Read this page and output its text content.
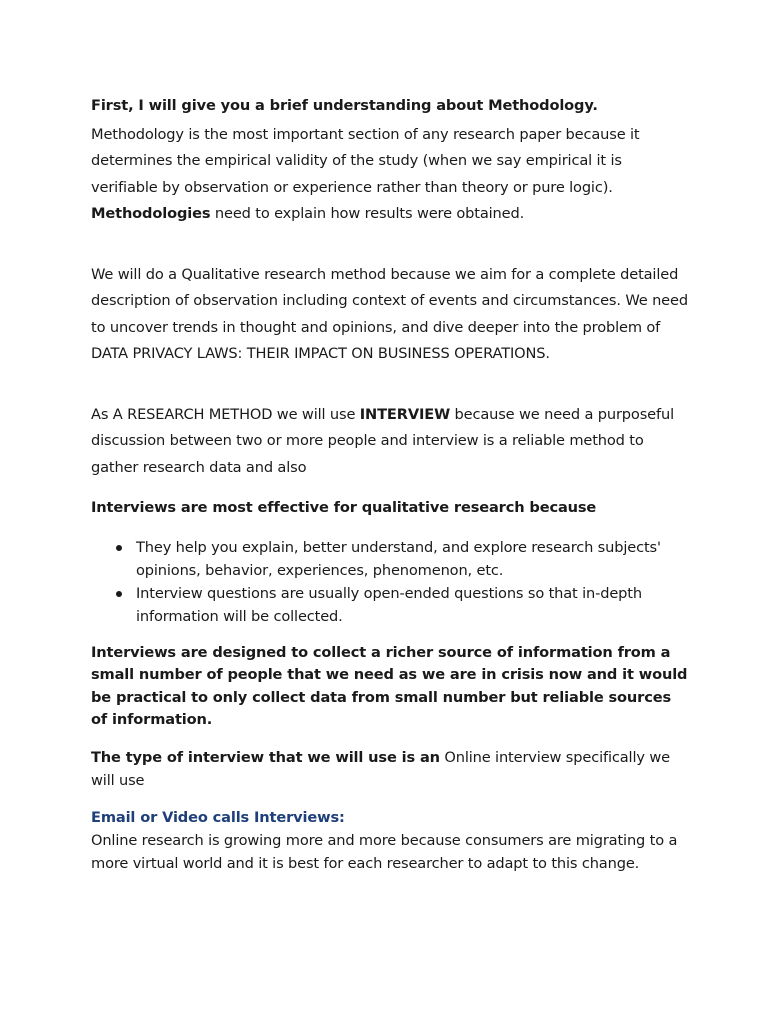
First, I will give you a brief understanding about Methodology.

Methodology is the most important section of any research paper because it determines the empirical validity of the study (when we say empirical it is verifiable by observation or experience rather than theory or pure logic). Methodologies need to explain how results were obtained.

We will do a Qualitative research method because we aim for a complete detailed description of observation including context of events and circumstances. We need to uncover trends in thought and opinions, and dive deeper into the problem of DATA PRIVACY LAWS: THEIR IMPACT ON BUSINESS OPERATIONS.

As A RESEARCH METHOD we will use INTERVIEW because we need a purposeful discussion between two or more people and interview is a reliable method to gather research data and also

Interviews are most effective for qualitative research because

They help you explain, better understand, and explore research subjects' opinions, behavior, experiences, phenomenon, etc.
Interview questions are usually open-ended questions so that in-depth information will be collected.

Interviews are designed to collect a richer source of information from a small number of people that we need as we are in crisis now and it would be practical to only collect data from small number but reliable sources of information.

The type of interview that we will use is an Online interview specifically we will use

Email or Video calls Interviews:

Online research is growing more and more because consumers are migrating to a more virtual world and it is best for each researcher to adapt to this change.
